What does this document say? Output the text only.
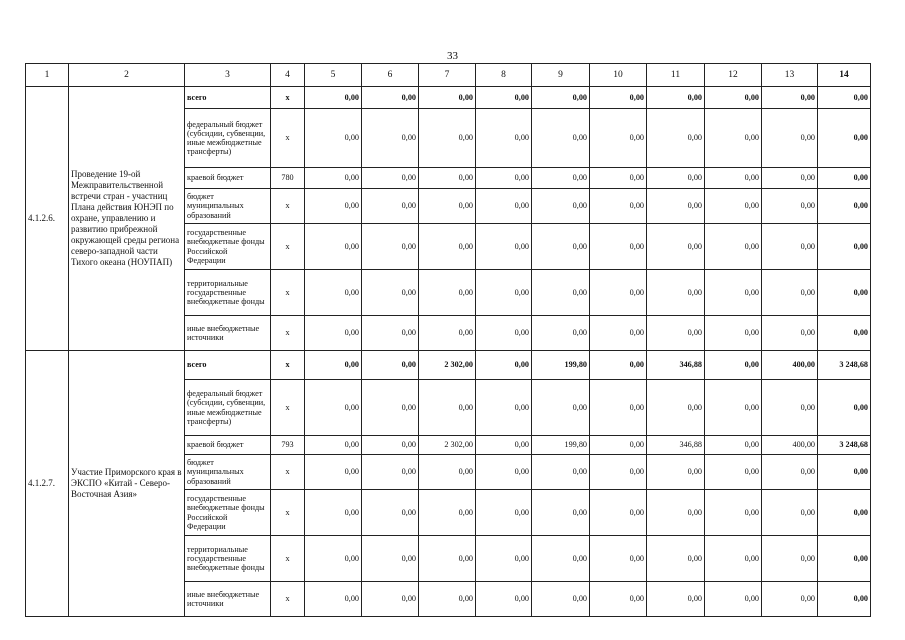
33
1	2	3	4	5	6	7	8	9	10	11	12	13	14
4.1.2.6.	Проведение 19-ой Межправительственной встречи стран - участниц Плана действия ЮНЭП по охране, управлению и развитию прибрежной окружающей среды региона северо-западной части Тихого океана (НОУПАП)	всего	x	0,00	0,00	0,00	0,00	0,00	0,00	0,00	0,00	0,00	0,00
		федеральный бюджет (субсидии, субвенции, иные межбюджетные трансферты)	x	0,00	0,00	0,00	0,00	0,00	0,00	0,00	0,00	0,00	0,00
		краевой бюджет	780	0,00	0,00	0,00	0,00	0,00	0,00	0,00	0,00	0,00	0,00
		бюджет муниципальных образований	x	0,00	0,00	0,00	0,00	0,00	0,00	0,00	0,00	0,00	0,00
		государственные внебюджетные фонды Российской Федерации	x	0,00	0,00	0,00	0,00	0,00	0,00	0,00	0,00	0,00	0,00
		территориальные государственные внебюджетные фонды	x	0,00	0,00	0,00	0,00	0,00	0,00	0,00	0,00	0,00	0,00
		иные внебюджетные источники	x	0,00	0,00	0,00	0,00	0,00	0,00	0,00	0,00	0,00	0,00
4.1.2.7.	Участие Приморского края в ЭКСПО «Китай - Северо-Восточная Азия»	всего	x	0,00	0,00	2 302,00	0,00	199,80	0,00	346,88	0,00	400,00	3 248,68
		федеральный бюджет (субсидии, субвенции, иные межбюджетные трансферты)	x	0,00	0,00	0,00	0,00	0,00	0,00	0,00	0,00	0,00	0,00
		краевой бюджет	793	0,00	0,00	2 302,00	0,00	199,80	0,00	346,88	0,00	400,00	3 248,68
		бюджет муниципальных образований	x	0,00	0,00	0,00	0,00	0,00	0,00	0,00	0,00	0,00	0,00
		государственные внебюджетные фонды Российской Федерации	x	0,00	0,00	0,00	0,00	0,00	0,00	0,00	0,00	0,00	0,00
		территориальные государственные внебюджетные фонды	x	0,00	0,00	0,00	0,00	0,00	0,00	0,00	0,00	0,00	0,00
		иные внебюджетные источники	x	0,00	0,00	0,00	0,00	0,00	0,00	0,00	0,00	0,00	0,00
